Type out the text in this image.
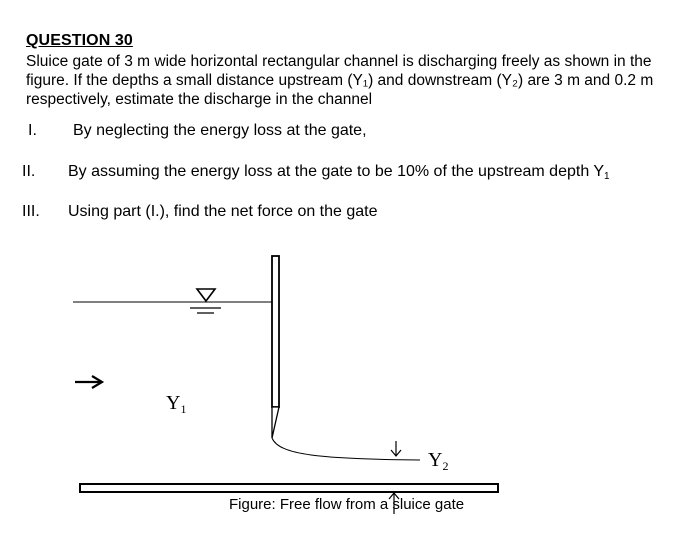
QUESTION 30
Sluice gate of 3 m wide horizontal rectangular channel is discharging freely as shown in the figure. If the depths a small distance upstream (Y₁) and downstream (Y₂) are 3 m and 0.2 m respectively, estimate the discharge in the channel
I. By neglecting the energy loss at the gate,
II. By assuming the energy loss at the gate to be 10% of the upstream depth $Y_1$
III. Using part (I.), find the net force on the gate
$Y_1$
$Y_2$
Figure: Free flow from a sluice gate
